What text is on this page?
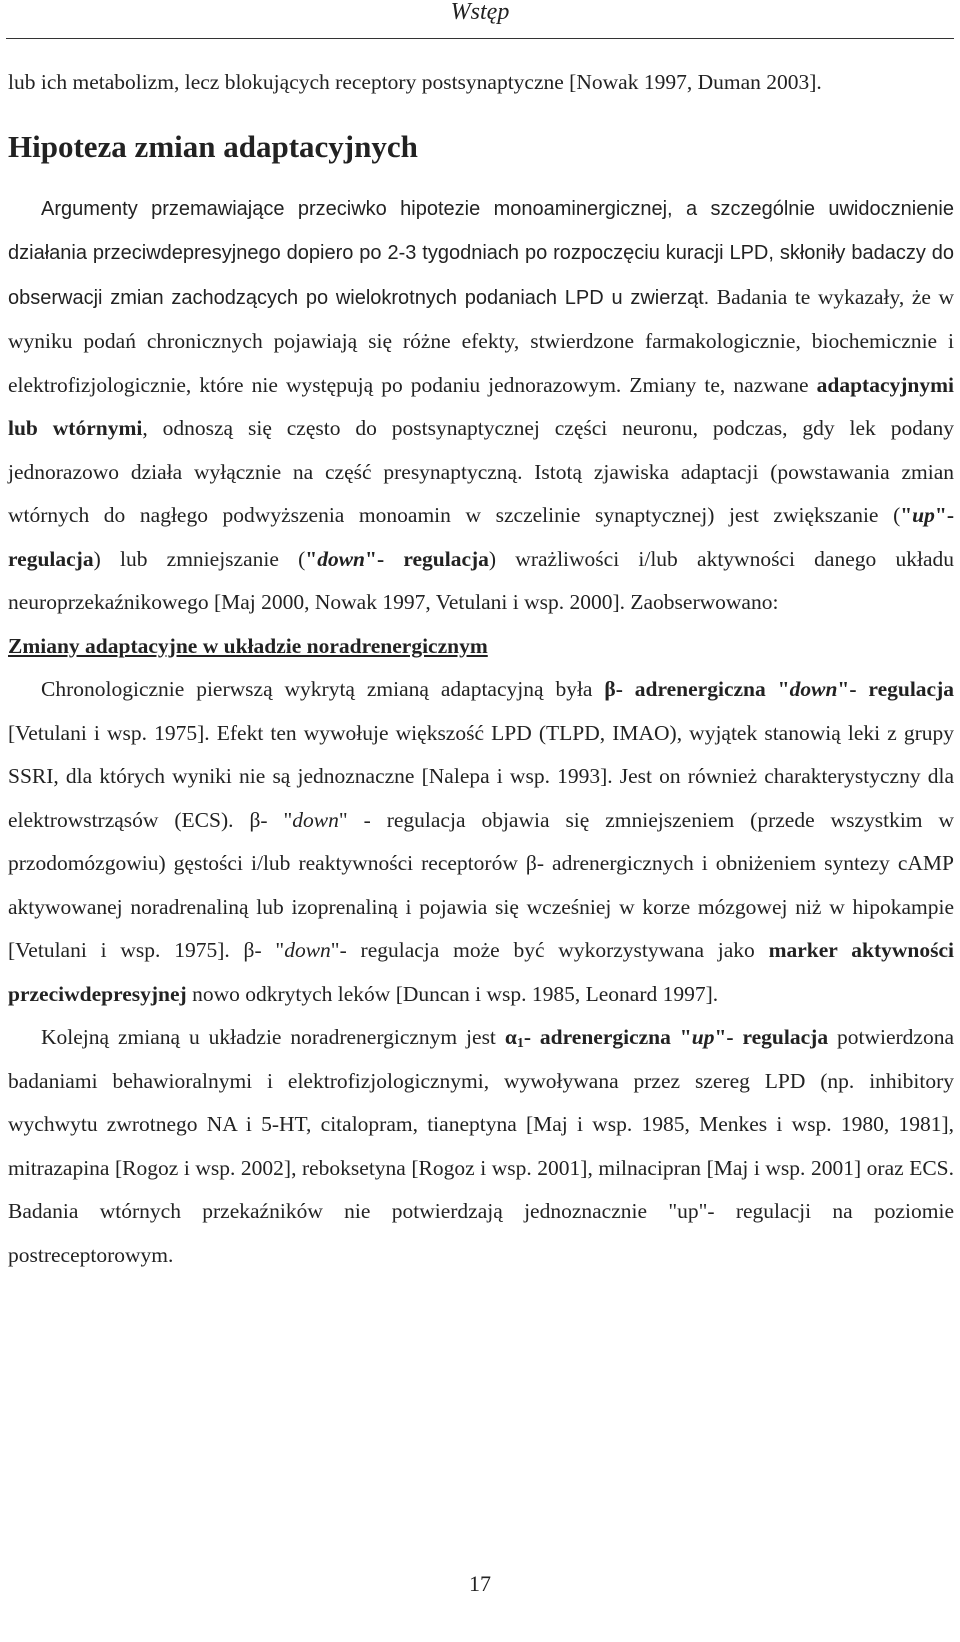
Wstęp

lub ich metabolizm, lecz blokujących receptory postsynaptyczne [Nowak 1997, Duman 2003].

Hipoteza zmian adaptacyjnych

Argumenty przemawiające przeciwko hipotezie monoaminergicznej, a szczególnie uwidocznienie działania przeciwdepresyjnego dopiero po 2-3 tygodniach po rozpoczęciu kuracji LPD, skłoniły badaczy do obserwacji zmian zachodzących po wielokrotnych podaniach LPD u zwierząt. Badania te wykazały, że w wyniku podań chronicznych pojawiają się różne efekty, stwierdzone farmakologicznie, biochemicznie i elektrofizjologicznie, które nie występują po podaniu jednorazowym. Zmiany te, nazwane adaptacyjnymi lub wtórnymi, odnoszą się często do postsynaptycznej części neuronu, podczas, gdy lek podany jednorazowo działa wyłącznie na część presynaptyczną. Istotą zjawiska adaptacji (powstawania zmian wtórnych do nagłego podwyższenia monoamin w szczelinie synaptycznej) jest zwiększanie ("up"- regulacja) lub zmniejszanie ("down"- regulacja) wrażliwości i/lub aktywności danego układu neuroprzekaźnikowego [Maj 2000, Nowak 1997, Vetulani i wsp. 2000]. Zaobserwowano:

Zmiany adaptacyjne w układzie noradrenergicznym

Chronologicznie pierwszą wykrytą zmianą adaptacyjną była β- adrenergiczna "down"- regulacja [Vetulani i wsp. 1975]. Efekt ten wywołuje większość LPD (TLPD, IMAO), wyjątek stanowią leki z grupy SSRI, dla których wyniki nie są jednoznaczne [Nalepa i wsp. 1993]. Jest on również charakterystyczny dla elektrowstrząsów (ECS). β- "down" - regulacja objawia się zmniejszeniem (przede wszystkim w przodomózgowiu) gęstości i/lub reaktywności receptorów β- adrenergicznych i obniżeniem syntezy cAMP aktywowanej noradrenaliną lub izoprenaliną i pojawia się wcześniej w korze mózgowej niż w hipokampie [Vetulani i wsp. 1975]. β- "down"- regulacja może być wykorzystywana jako marker aktywności przeciwdepresyjnej nowo odkrytych leków [Duncan i wsp. 1985, Leonard 1997].

Kolejną zmianą u układzie noradrenergicznym jest $\alpha_1-$ adrenergiczna "up"- regulacja potwierdzona badaniami behawioralnymi i elektrofizjologicznymi, wywoływana przez szereg LPD (np. inhibitory wychwytu zwrotnego NA i 5-HT, citalopram, tianeptyna [Maj i wsp. 1985, Menkes i wsp. 1980, 1981], mitrazapina [Rogoz i wsp. 2002], reboksetyna [Rogoz i wsp. 2001], milnacipran [Maj i wsp. 2001] oraz ECS. Badania wtórnych przekaźników nie potwierdzają jednoznacznie "up"- regulacji na poziomie postreceptorowym.

17
